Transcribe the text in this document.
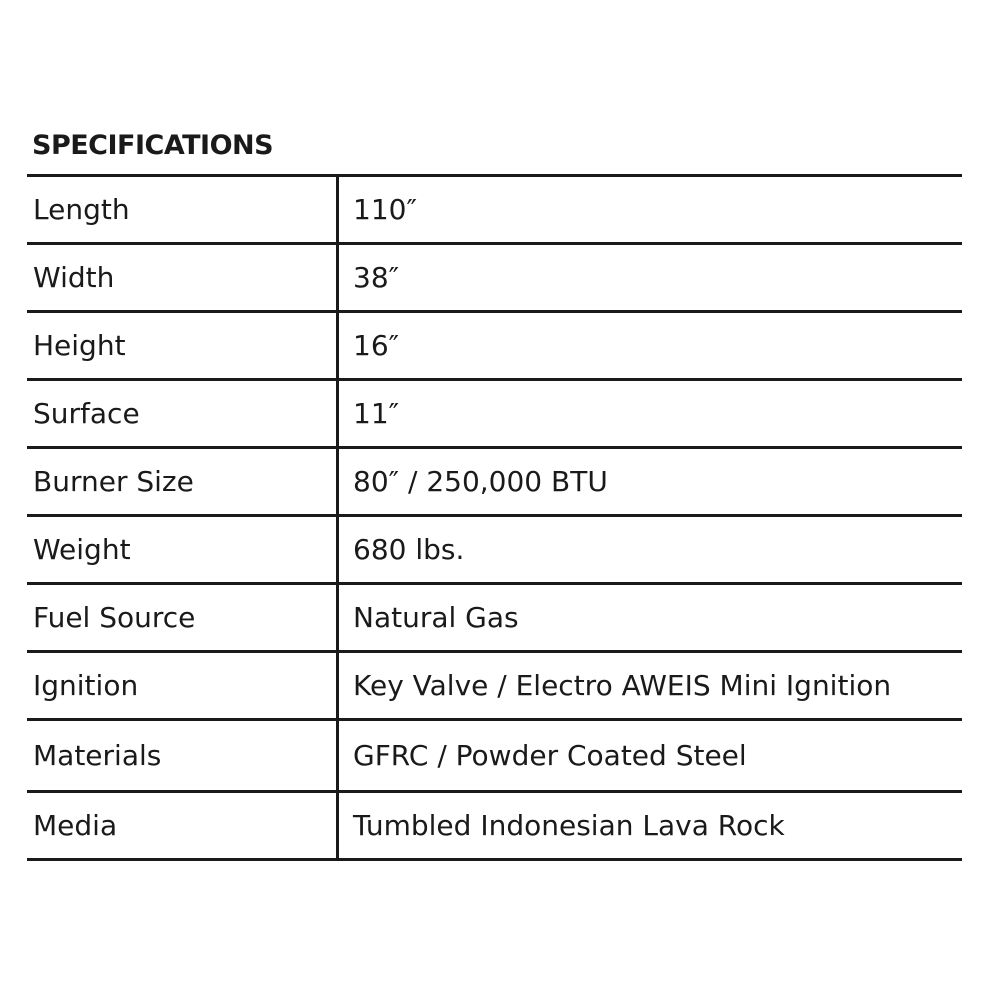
SPECIFICATIONS
Length	110″
Width	38″
Height	16″
Surface	11″
Burner Size	80″ / 250,000 BTU
Weight	680 lbs.
Fuel Source	Natural Gas
Ignition	Key Valve / Electro AWEIS Mini Ignition
Materials	GFRC / Powder Coated Steel
Media	Tumbled Indonesian Lava Rock
